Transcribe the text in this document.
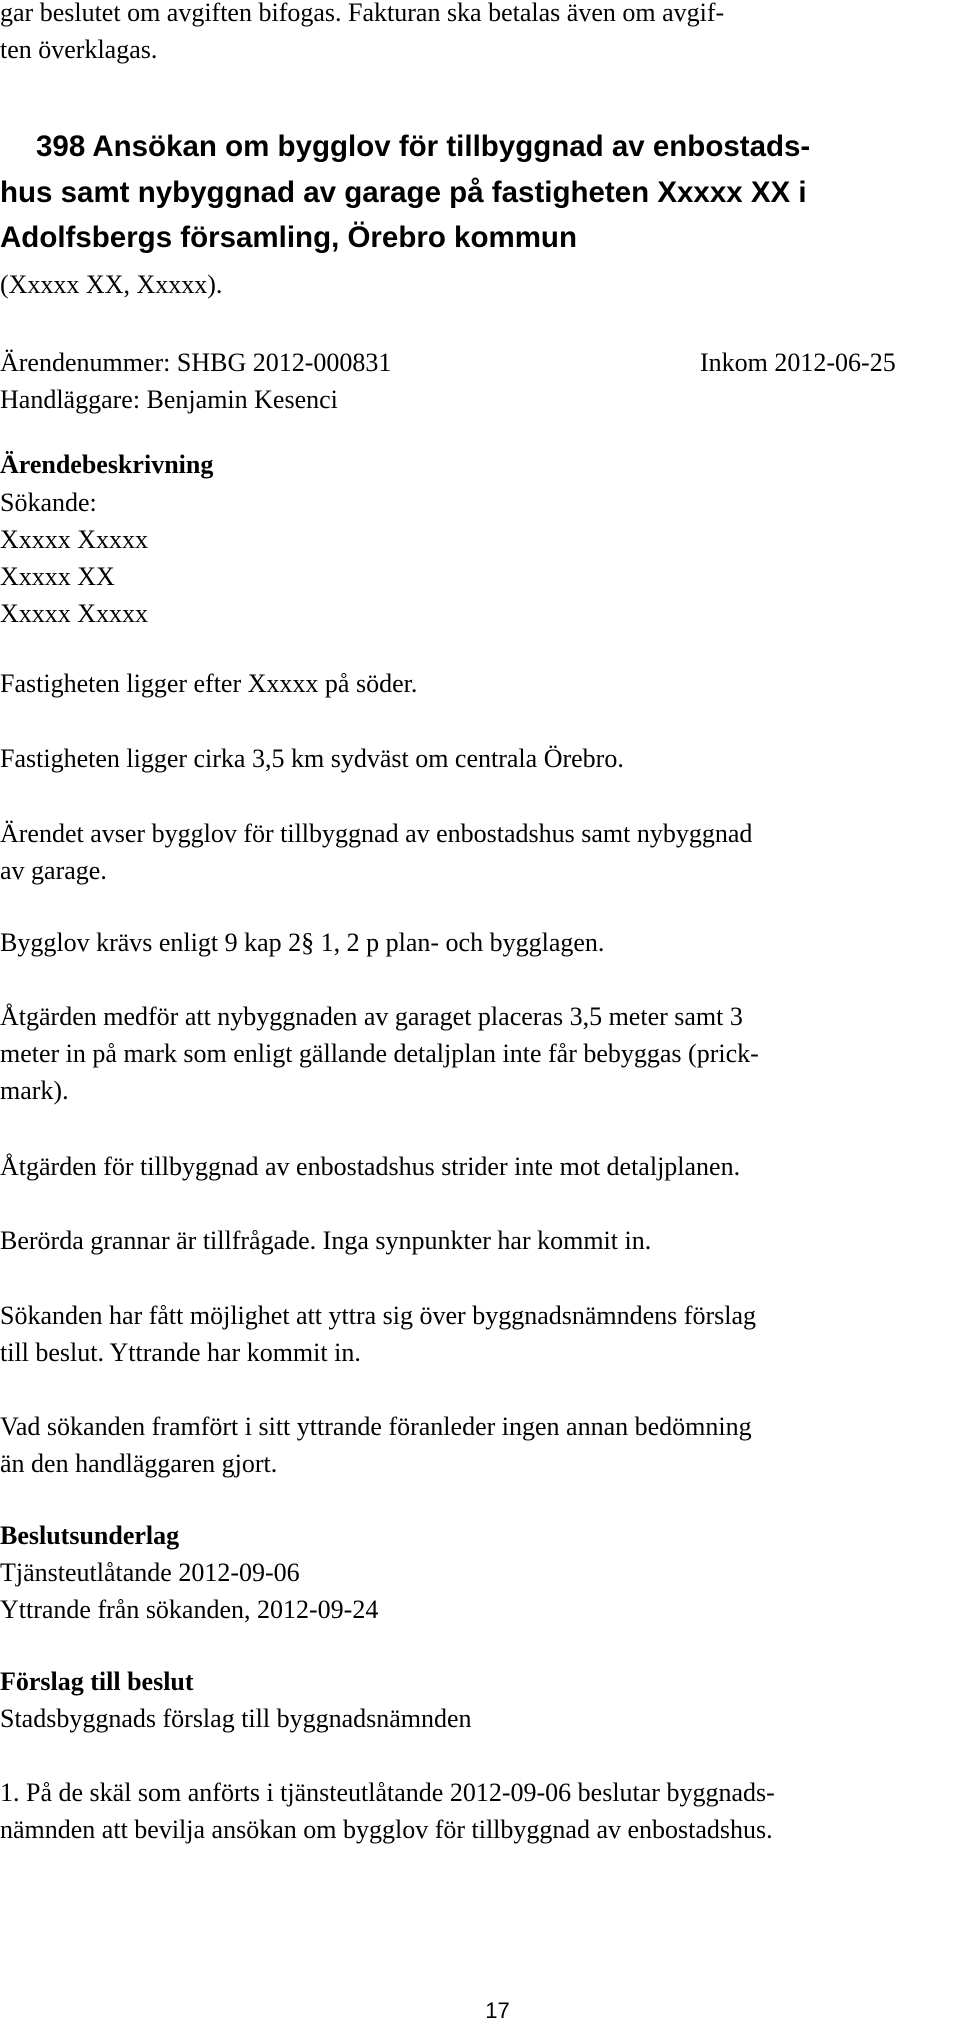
gar beslutet om avgiften bifogas. Fakturan ska betalas även om avgif-
ten överklagas.
398 Ansökan om bygglov för tillbyggnad av enbostads-
hus samt nybyggnad av garage på fastigheten Xxxxx XX i
Adolfsbergs församling, Örebro kommun
(Xxxxx XX, Xxxxx).
Ärendenummer: SHBG 2012-000831	Inkom 2012-06-25
Handläggare: Benjamin Kesenci
Ärendebeskrivning
Sökande:
Xxxxx Xxxxx
Xxxxx XX
Xxxxx Xxxxx
Fastigheten ligger efter Xxxxx på söder.
Fastigheten ligger cirka 3,5 km sydväst om centrala Örebro.
Ärendet avser bygglov för tillbyggnad av enbostadshus samt nybyggnad
av garage.
Bygglov krävs enligt 9 kap 2§ 1, 2 p plan- och bygglagen.
Åtgärden medför att nybyggnaden av garaget placeras 3,5 meter samt 3
meter in på mark som enligt gällande detaljplan inte får bebyggas (prick-
mark).
Åtgärden för tillbyggnad av enbostadshus strider inte mot detaljplanen.
Berörda grannar är tillfrågade. Inga synpunkter har kommit in.
Sökanden har fått möjlighet att yttra sig över byggnadsnämndens förslag
till beslut. Yttrande har kommit in.
Vad sökanden framfört i sitt yttrande föranleder ingen annan bedömning
än den handläggaren gjort.
Beslutsunderlag
Tjänsteutlåtande 2012-09-06
Yttrande från sökanden, 2012-09-24
Förslag till beslut
Stadsbyggnads förslag till byggnadsnämnden
1. På de skäl som anförts i tjänsteutlåtande 2012-09-06 beslutar byggnads-
nämnden att bevilja ansökan om bygglov för tillbyggnad av enbostadshus.
17
